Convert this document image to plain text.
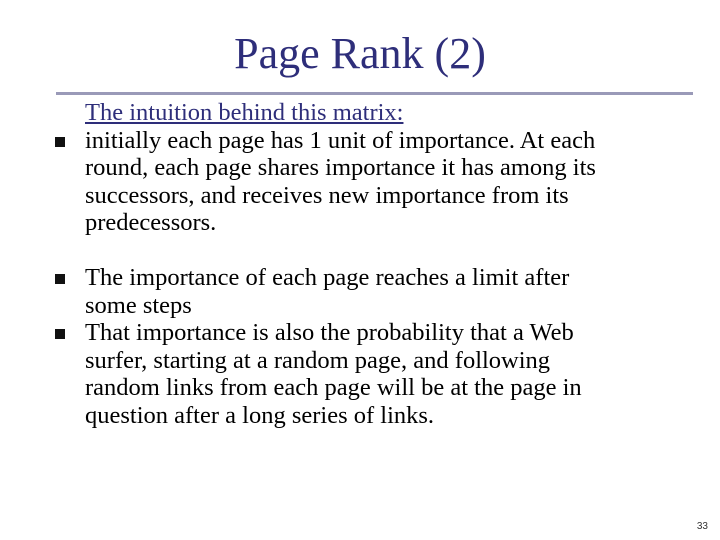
Page Rank (2)
The intuition behind this matrix:
initially each page has 1 unit of importance. At each
round, each page shares importance it has among its
successors, and receives new importance from its
predecessors.
The importance of each page reaches a limit after
some steps
That importance is also the probability that a Web
surfer, starting at a random page, and following
random links from each page will be at the page in
question after a long series of links.
33
